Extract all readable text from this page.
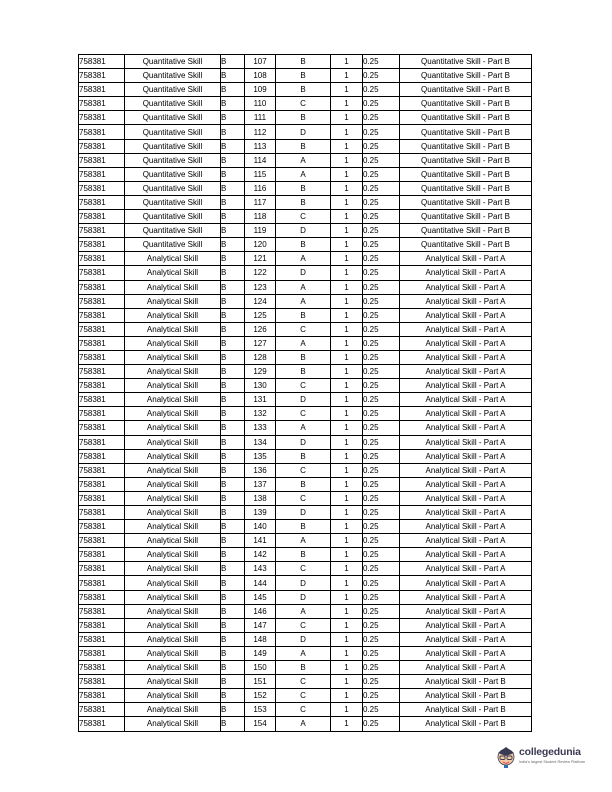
758381	Quantitative Skill	B	107	B	1	0.25	Quantitative Skill - Part B
758381	Quantitative Skill	B	108	B	1	0.25	Quantitative Skill - Part B
758381	Quantitative Skill	B	109	B	1	0.25	Quantitative Skill - Part B
758381	Quantitative Skill	B	110	C	1	0.25	Quantitative Skill - Part B
758381	Quantitative Skill	B	111	B	1	0.25	Quantitative Skill - Part B
758381	Quantitative Skill	B	112	D	1	0.25	Quantitative Skill - Part B
758381	Quantitative Skill	B	113	B	1	0.25	Quantitative Skill - Part B
758381	Quantitative Skill	B	114	A	1	0.25	Quantitative Skill - Part B
758381	Quantitative Skill	B	115	A	1	0.25	Quantitative Skill - Part B
758381	Quantitative Skill	B	116	B	1	0.25	Quantitative Skill - Part B
758381	Quantitative Skill	B	117	B	1	0.25	Quantitative Skill - Part B
758381	Quantitative Skill	B	118	C	1	0.25	Quantitative Skill - Part B
758381	Quantitative Skill	B	119	D	1	0.25	Quantitative Skill - Part B
758381	Quantitative Skill	B	120	B	1	0.25	Quantitative Skill - Part B
758381	Analytical Skill	B	121	A	1	0.25	Analytical Skill - Part A
758381	Analytical Skill	B	122	D	1	0.25	Analytical Skill - Part A
758381	Analytical Skill	B	123	A	1	0.25	Analytical Skill - Part A
758381	Analytical Skill	B	124	A	1	0.25	Analytical Skill - Part A
758381	Analytical Skill	B	125	B	1	0.25	Analytical Skill - Part A
758381	Analytical Skill	B	126	C	1	0.25	Analytical Skill - Part A
758381	Analytical Skill	B	127	A	1	0.25	Analytical Skill - Part A
758381	Analytical Skill	B	128	B	1	0.25	Analytical Skill - Part A
758381	Analytical Skill	B	129	B	1	0.25	Analytical Skill - Part A
758381	Analytical Skill	B	130	C	1	0.25	Analytical Skill - Part A
758381	Analytical Skill	B	131	D	1	0.25	Analytical Skill - Part A
758381	Analytical Skill	B	132	C	1	0.25	Analytical Skill - Part A
758381	Analytical Skill	B	133	A	1	0.25	Analytical Skill - Part A
758381	Analytical Skill	B	134	D	1	0.25	Analytical Skill - Part A
758381	Analytical Skill	B	135	B	1	0.25	Analytical Skill - Part A
758381	Analytical Skill	B	136	C	1	0.25	Analytical Skill - Part A
758381	Analytical Skill	B	137	B	1	0.25	Analytical Skill - Part A
758381	Analytical Skill	B	138	C	1	0.25	Analytical Skill - Part A
758381	Analytical Skill	B	139	D	1	0.25	Analytical Skill - Part A
758381	Analytical Skill	B	140	B	1	0.25	Analytical Skill - Part A
758381	Analytical Skill	B	141	A	1	0.25	Analytical Skill - Part A
758381	Analytical Skill	B	142	B	1	0.25	Analytical Skill - Part A
758381	Analytical Skill	B	143	C	1	0.25	Analytical Skill - Part A
758381	Analytical Skill	B	144	D	1	0.25	Analytical Skill - Part A
758381	Analytical Skill	B	145	D	1	0.25	Analytical Skill - Part A
758381	Analytical Skill	B	146	A	1	0.25	Analytical Skill - Part A
758381	Analytical Skill	B	147	C	1	0.25	Analytical Skill - Part A
758381	Analytical Skill	B	148	D	1	0.25	Analytical Skill - Part A
758381	Analytical Skill	B	149	A	1	0.25	Analytical Skill - Part A
758381	Analytical Skill	B	150	B	1	0.25	Analytical Skill - Part A
758381	Analytical Skill	B	151	C	1	0.25	Analytical Skill - Part B
758381	Analytical Skill	B	152	C	1	0.25	Analytical Skill - Part B
758381	Analytical Skill	B	153	C	1	0.25	Analytical Skill - Part B
758381	Analytical Skill	B	154	A	1	0.25	Analytical Skill - Part B
collegedunia
India's largest Student Review Platform
